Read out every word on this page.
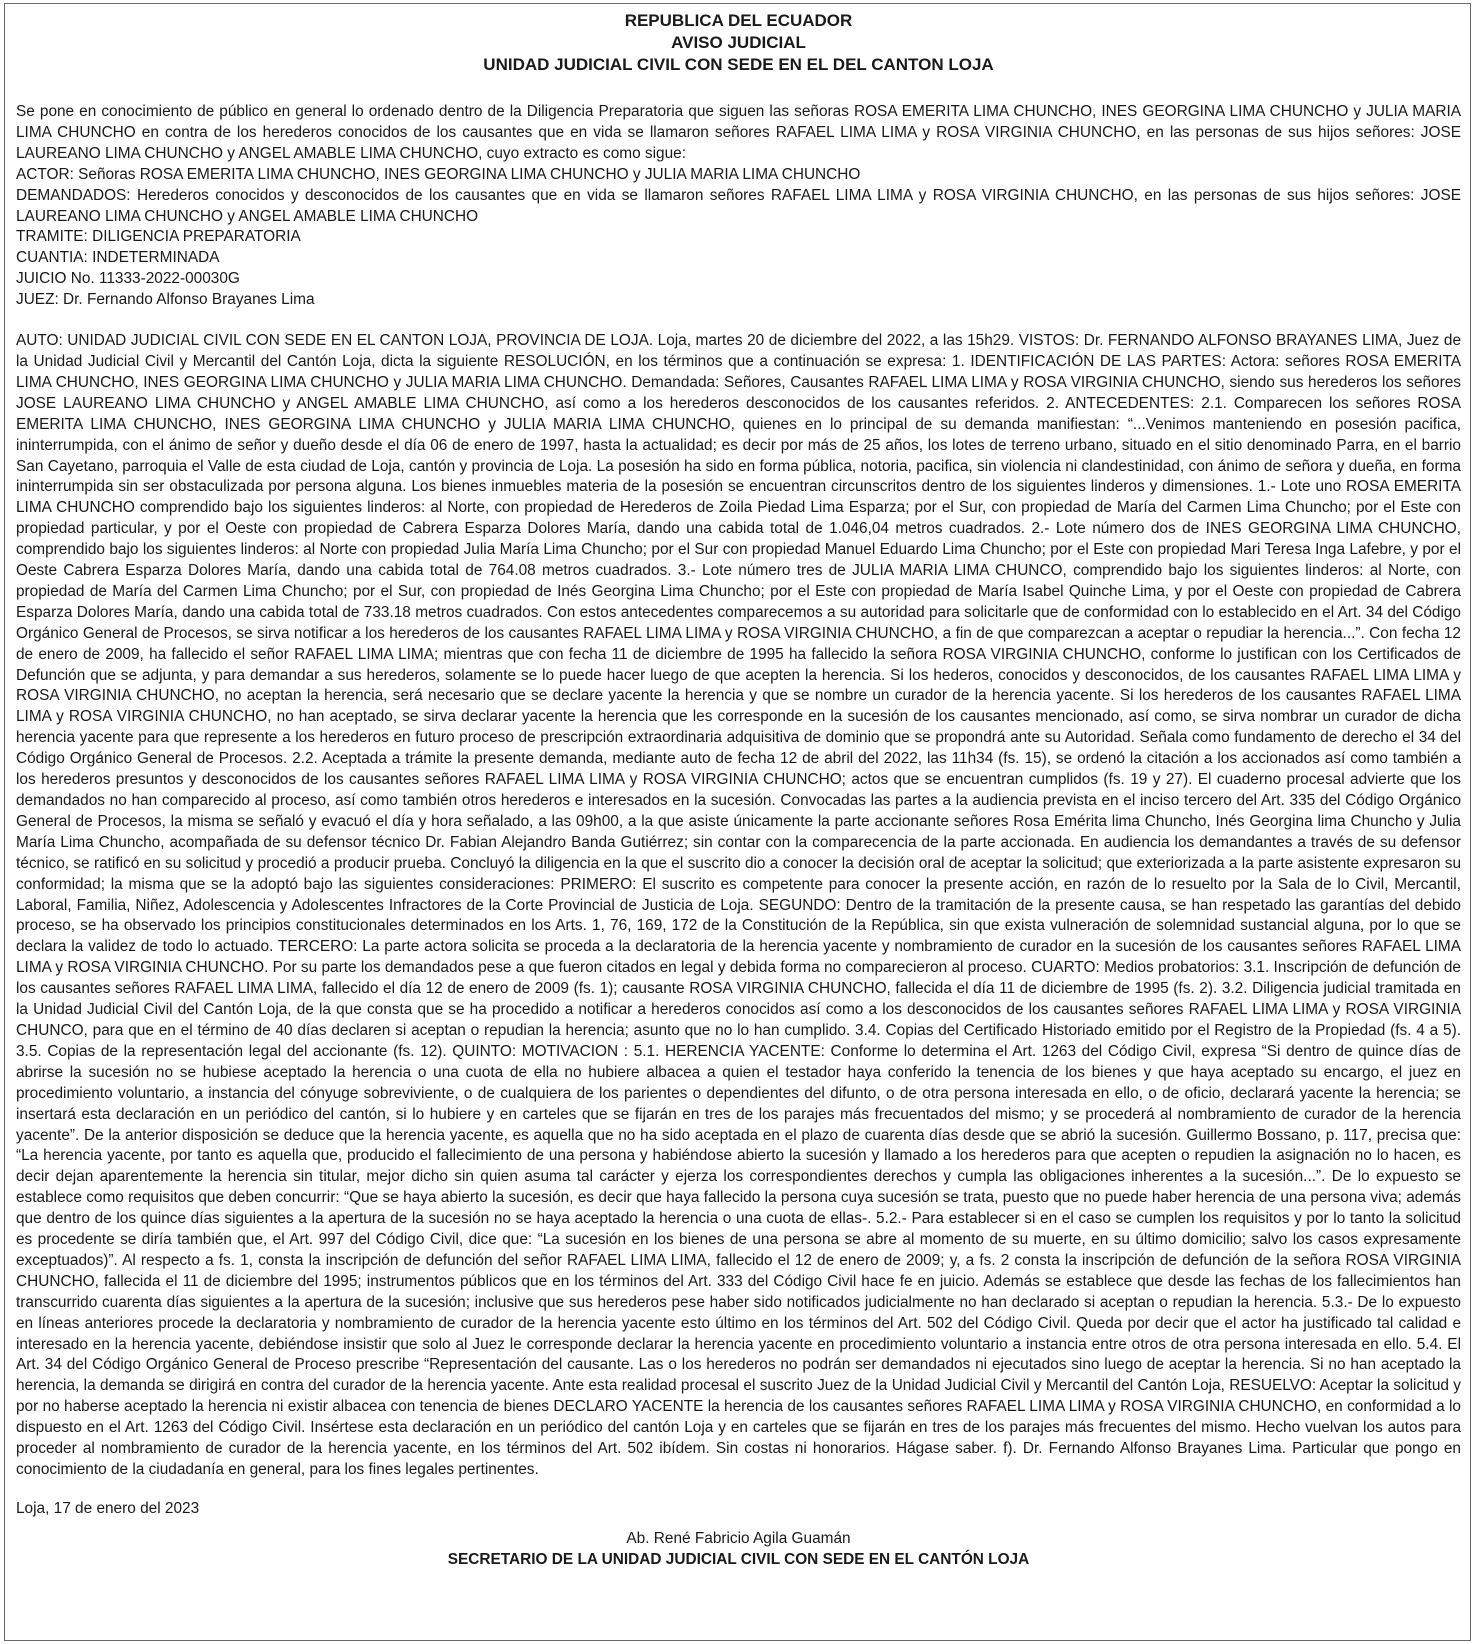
REPUBLICA DEL ECUADOR

AVISO JUDICIAL

UNIDAD JUDICIAL CIVIL CON SEDE EN EL DEL CANTON LOJA

Se pone en conocimiento de público en general lo ordenado dentro de la Diligencia Preparatoria que siguen las señoras ROSA EMERITA LIMA CHUNCHO, INES GEORGINA LIMA CHUNCHO y JULIA MARIA LIMA CHUNCHO en contra de los herederos conocidos de los causantes que en vida se llamaron señores RAFAEL LIMA LIMA y ROSA VIRGINIA CHUNCHO, en las personas de sus hijos señores: JOSE LAUREANO LIMA CHUNCHO y ANGEL AMABLE LIMA CHUNCHO, cuyo extracto es como sigue:

ACTOR: Señoras ROSA EMERITA LIMA CHUNCHO, INES GEORGINA LIMA CHUNCHO y JULIA MARIA LIMA CHUNCHO
DEMANDADOS: Herederos conocidos y desconocidos de los causantes que en vida se llamaron señores RAFAEL LIMA LIMA y ROSA VIRGINIA CHUNCHO, en las personas de sus hijos señores: JOSE LAUREANO LIMA CHUNCHO y ANGEL AMABLE LIMA CHUNCHO
TRAMITE: DILIGENCIA PREPARATORIA
CUANTIA: INDETERMINADA
JUICIO No. 11333-2022-00030G
JUEZ: Dr. Fernando Alfonso Brayanes Lima

AUTO: UNIDAD JUDICIAL CIVIL CON SEDE EN EL CANTON LOJA, PROVINCIA DE LOJA. Loja, martes 20 de diciembre del 2022, a las 15h29. VISTOS: Dr. FERNANDO ALFONSO BRAYANES LIMA, Juez de la Unidad Judicial Civil y Mercantil del Cantón Loja, dicta la siguiente RESOLUCIÓN, en los términos que a continuación se expresa: 1. IDENTIFICACIÓN DE LAS PARTES: Actora: señores ROSA EMERITA LIMA CHUNCHO, INES GEORGINA LIMA CHUNCHO y JULIA MARIA LIMA CHUNCHO. Demandada: Señores, Causantes RAFAEL LIMA LIMA y ROSA VIRGINIA CHUNCHO, siendo sus herederos los señores JOSE LAUREANO LIMA CHUNCHO y ANGEL AMABLE LIMA CHUNCHO, así como a los herederos desconocidos de los causantes referidos. 2. ANTECEDENTES: 2.1. Comparecen los señores ROSA EMERITA LIMA CHUNCHO, INES GEORGINA LIMA CHUNCHO y JULIA MARIA LIMA CHUNCHO, quienes en lo principal de su demanda manifiestan: “...Venimos manteniendo en posesión pacifica, ininterrumpida, con el ánimo de señor y dueño desde el día 06 de enero de 1997, hasta la actualidad; es decir por más de 25 años, los lotes de terreno urbano, situado en el sitio denominado Parra, en el barrio San Cayetano, parroquia el Valle de esta ciudad de Loja, cantón y provincia de Loja. La posesión ha sido en forma pública, notoria, pacifica, sin violencia ni clandestinidad, con ánimo de señora y dueña, en forma ininterrumpida sin ser obstaculizada por persona alguna. Los bienes inmuebles materia de la posesión se encuentran circunscritos dentro de los siguientes linderos y dimensiones. 1.- Lote uno ROSA EMERITA LIMA CHUNCHO comprendido bajo los siguientes linderos: al Norte, con propiedad de Herederos de Zoila Piedad Lima Esparza; por el Sur, con propiedad de María del Carmen Lima Chuncho; por el Este con propiedad particular, y por el Oeste con propiedad de Cabrera Esparza Dolores María, dando una cabida total de 1.046,04 metros cuadrados. 2.- Lote número dos de INES GEORGINA LIMA CHUNCHO, comprendido bajo los siguientes linderos: al Norte con propiedad Julia María Lima Chuncho; por el Sur con propiedad Manuel Eduardo Lima Chuncho; por el Este con propiedad Mari Teresa Inga Lafebre, y por el Oeste Cabrera Esparza Dolores María, dando una cabida total de 764.08 metros cuadrados. 3.- Lote número tres de JULIA MARIA LIMA CHUNCO, comprendido bajo los siguientes linderos: al Norte, con propiedad de María del Carmen Lima Chuncho; por el Sur, con propiedad de Inés Georgina Lima Chuncho; por el Este con propiedad de María Isabel Quinche Lima, y por el Oeste con propiedad de Cabrera Esparza Dolores María, dando una cabida total de 733.18 metros cuadrados. Con estos antecedentes comparecemos a su autoridad para solicitarle que de conformidad con lo establecido en el Art. 34 del Código Orgánico General de Procesos, se sirva notificar a los herederos de los causantes RAFAEL LIMA LIMA y ROSA VIRGINIA CHUNCHO, a fin de que comparezcan a aceptar o repudiar la herencia...”. Con fecha 12 de enero de 2009, ha fallecido el señor RAFAEL LIMA LIMA; mientras que con fecha 11 de diciembre de 1995 ha fallecido la señora ROSA VIRGINIA CHUNCHO, conforme lo justifican con los Certificados de Defunción que se adjunta, y para demandar a sus herederos, solamente se lo puede hacer luego de que acepten la herencia. Si los hederos, conocidos y desconocidos, de los causantes RAFAEL LIMA LIMA y ROSA VIRGINIA CHUNCHO, no aceptan la herencia, será necesario que se declare yacente la herencia y que se nombre un curador de la herencia yacente. Si los herederos de los causantes RAFAEL LIMA LIMA y ROSA VIRGINIA CHUNCHO, no han aceptado, se sirva declarar yacente la herencia que les corresponde en la sucesión de los causantes mencionado, así como, se sirva nombrar un curador de dicha herencia yacente para que represente a los herederos en futuro proceso de prescripción extraordinaria adquisitiva de dominio que se propondrá ante su Autoridad. Señala como fundamento de derecho el 34 del Código Orgánico General de Procesos. 2.2. Aceptada a trámite la presente demanda, mediante auto de fecha 12 de abril del 2022, las 11h34 (fs. 15), se ordenó la citación a los accionados así como también a los herederos presuntos y desconocidos de los causantes señores RAFAEL LIMA LIMA y ROSA VIRGINIA CHUNCHO; actos que se encuentran cumplidos (fs. 19 y 27). El cuaderno procesal advierte que los demandados no han comparecido al proceso, así como también otros herederos e interesados en la sucesión. Convocadas las partes a la audiencia prevista en el inciso tercero del Art. 335 del Código Orgánico General de Procesos, la misma se señaló y evacuó el día y hora señalado, a las 09h00, a la que asiste únicamente la parte accionante señores Rosa Emérita lima Chuncho, Inés Georgina lima Chuncho y Julia María Lima Chuncho, acompañada de su defensor técnico Dr. Fabian Alejandro Banda Gutiérrez; sin contar con la comparecencia de la parte accionada. En audiencia los demandantes a través de su defensor técnico, se ratificó en su solicitud y procedió a producir prueba. Concluyó la diligencia en la que el suscrito dio a conocer la decisión oral de aceptar la solicitud; que exteriorizada a la parte asistente expresaron su conformidad; la misma que se la adoptó bajo las siguientes consideraciones: PRIMERO: El suscrito es competente para conocer la presente acción, en razón de lo resuelto por la Sala de lo Civil, Mercantil, Laboral, Familia, Niñez, Adolescencia y Adolescentes Infractores de la Corte Provincial de Justicia de Loja. SEGUNDO: Dentro de la tramitación de la presente causa, se han respetado las garantías del debido proceso, se ha observado los principios constitucionales determinados en los Arts. 1, 76, 169, 172 de la Constitución de la República, sin que exista vulneración de solemnidad sustancial alguna, por lo que se declara la validez de todo lo actuado. TERCERO: La parte actora solicita se proceda a la declaratoria de la herencia yacente y nombramiento de curador en la sucesión de los causantes señores RAFAEL LIMA LIMA y ROSA VIRGINIA CHUNCHO. Por su parte los demandados pese a que fueron citados en legal y debida forma no comparecieron al proceso. CUARTO: Medios probatorios: 3.1. Inscripción de defunción de los causantes señores RAFAEL LIMA LIMA, fallecido el día 12 de enero de 2009 (fs. 1); causante ROSA VIRGINIA CHUNCHO, fallecida el día 11 de diciembre de 1995 (fs. 2). 3.2. Diligencia judicial tramitada en la Unidad Judicial Civil del Cantón Loja, de la que consta que se ha procedido a notificar a herederos conocidos así como a los desconocidos de los causantes señores RAFAEL LIMA LIMA y ROSA VIRGINIA CHUNCO, para que en el término de 40 días declaren si aceptan o repudian la herencia; asunto que no lo han cumplido. 3.4. Copias del Certificado Historiado emitido por el Registro de la Propiedad (fs. 4 a 5). 3.5. Copias de la representación legal del accionante (fs. 12). QUINTO: MOTIVACION : 5.1. HERENCIA YACENTE: Conforme lo determina el Art. 1263 del Código Civil, expresa “Si dentro de quince días de abrirse la sucesión no se hubiese aceptado la herencia o una cuota de ella no hubiere albacea a quien el testador haya conferido la tenencia de los bienes y que haya aceptado su encargo, el juez en procedimiento voluntario, a instancia del cónyuge sobreviviente, o de cualquiera de los parientes o dependientes del difunto, o de otra persona interesada en ello, o de oficio, declarará yacente la herencia; se insertará esta declaración en un periódico del cantón, si lo hubiere y en carteles que se fijarán en tres de los parajes más frecuentados del mismo; y se procederá al nombramiento de curador de la herencia yacente”. De la anterior disposición se deduce que la herencia yacente, es aquella que no ha sido aceptada en el plazo de cuarenta días desde que se abrió la sucesión. Guillermo Bossano, p. 117, precisa que: “La herencia yacente, por tanto es aquella que, producido el fallecimiento de una persona y habiéndose abierto la sucesión y llamado a los herederos para que acepten o repudien la asignación no lo hacen, es decir dejan aparentemente la herencia sin titular, mejor dicho sin quien asuma tal carácter y ejerza los correspondientes derechos y cumpla las obligaciones inherentes a la sucesión...”. De lo expuesto se establece como requisitos que deben concurrir: “Que se haya abierto la sucesión, es decir que haya fallecido la persona cuya sucesión se trata, puesto que no puede haber herencia de una persona viva; además que dentro de los quince días siguientes a la apertura de la sucesión no se haya aceptado la herencia o una cuota de ellas-. 5.2.- Para establecer si en el caso se cumplen los requisitos y por lo tanto la solicitud es procedente se diría también que, el Art. 997 del Código Civil, dice que: “La sucesión en los bienes de una persona se abre al momento de su muerte, en su último domicilio; salvo los casos expresamente exceptuados)”. Al respecto a fs. 1, consta la inscripción de defunción del señor RAFAEL LIMA LIMA, fallecido el 12 de enero de 2009; y, a fs. 2 consta la inscripción de defunción de la señora ROSA VIRGINIA CHUNCHO, fallecida el 11 de diciembre del 1995; instrumentos públicos que en los términos del Art. 333 del Código Civil hace fe en juicio. Además se establece que desde las fechas de los fallecimientos han transcurrido cuarenta días siguientes a la apertura de la sucesión; inclusive que sus herederos pese haber sido notificados judicialmente no han declarado si aceptan o repudian la herencia. 5.3.- De lo expuesto en líneas anteriores procede la declaratoria y nombramiento de curador de la herencia yacente esto último en los términos del Art. 502 del Código Civil. Queda por decir que el actor ha justificado tal calidad e interesado en la herencia yacente, debiéndose insistir que solo al Juez le corresponde declarar la herencia yacente en procedimiento voluntario a instancia entre otros de otra persona interesada en ello. 5.4. El Art. 34 del Código Orgánico General de Proceso prescribe “Representación del causante. Las o los herederos no podrán ser demandados ni ejecutados sino luego de aceptar la herencia. Si no han aceptado la herencia, la demanda se dirigirá en contra del curador de la herencia yacente. Ante esta realidad procesal el suscrito Juez de la Unidad Judicial Civil y Mercantil del Cantón Loja, RESUELVO: Aceptar la solicitud y por no haberse aceptado la herencia ni existir albacea con tenencia de bienes DECLARO YACENTE la herencia de los causantes señores RAFAEL LIMA LIMA y ROSA VIRGINIA CHUNCHO, en conformidad a lo dispuesto en el Art. 1263 del Código Civil. Insértese esta declaración en un periódico del cantón Loja y en carteles que se fijarán en tres de los parajes más frecuentes del mismo. Hecho vuelvan los autos para proceder al nombramiento de curador de la herencia yacente, en los términos del Art. 502 ibídem. Sin costas ni honorarios. Hágase saber. f). Dr. Fernando Alfonso Brayanes Lima. Particular que pongo en conocimiento de la ciudadanía en general, para los fines legales pertinentes.

Loja, 17 de enero del 2023

Ab. René Fabricio Agila Guamán
SECRETARIO DE LA UNIDAD JUDICIAL CIVIL CON SEDE EN EL CANTÓN LOJA
